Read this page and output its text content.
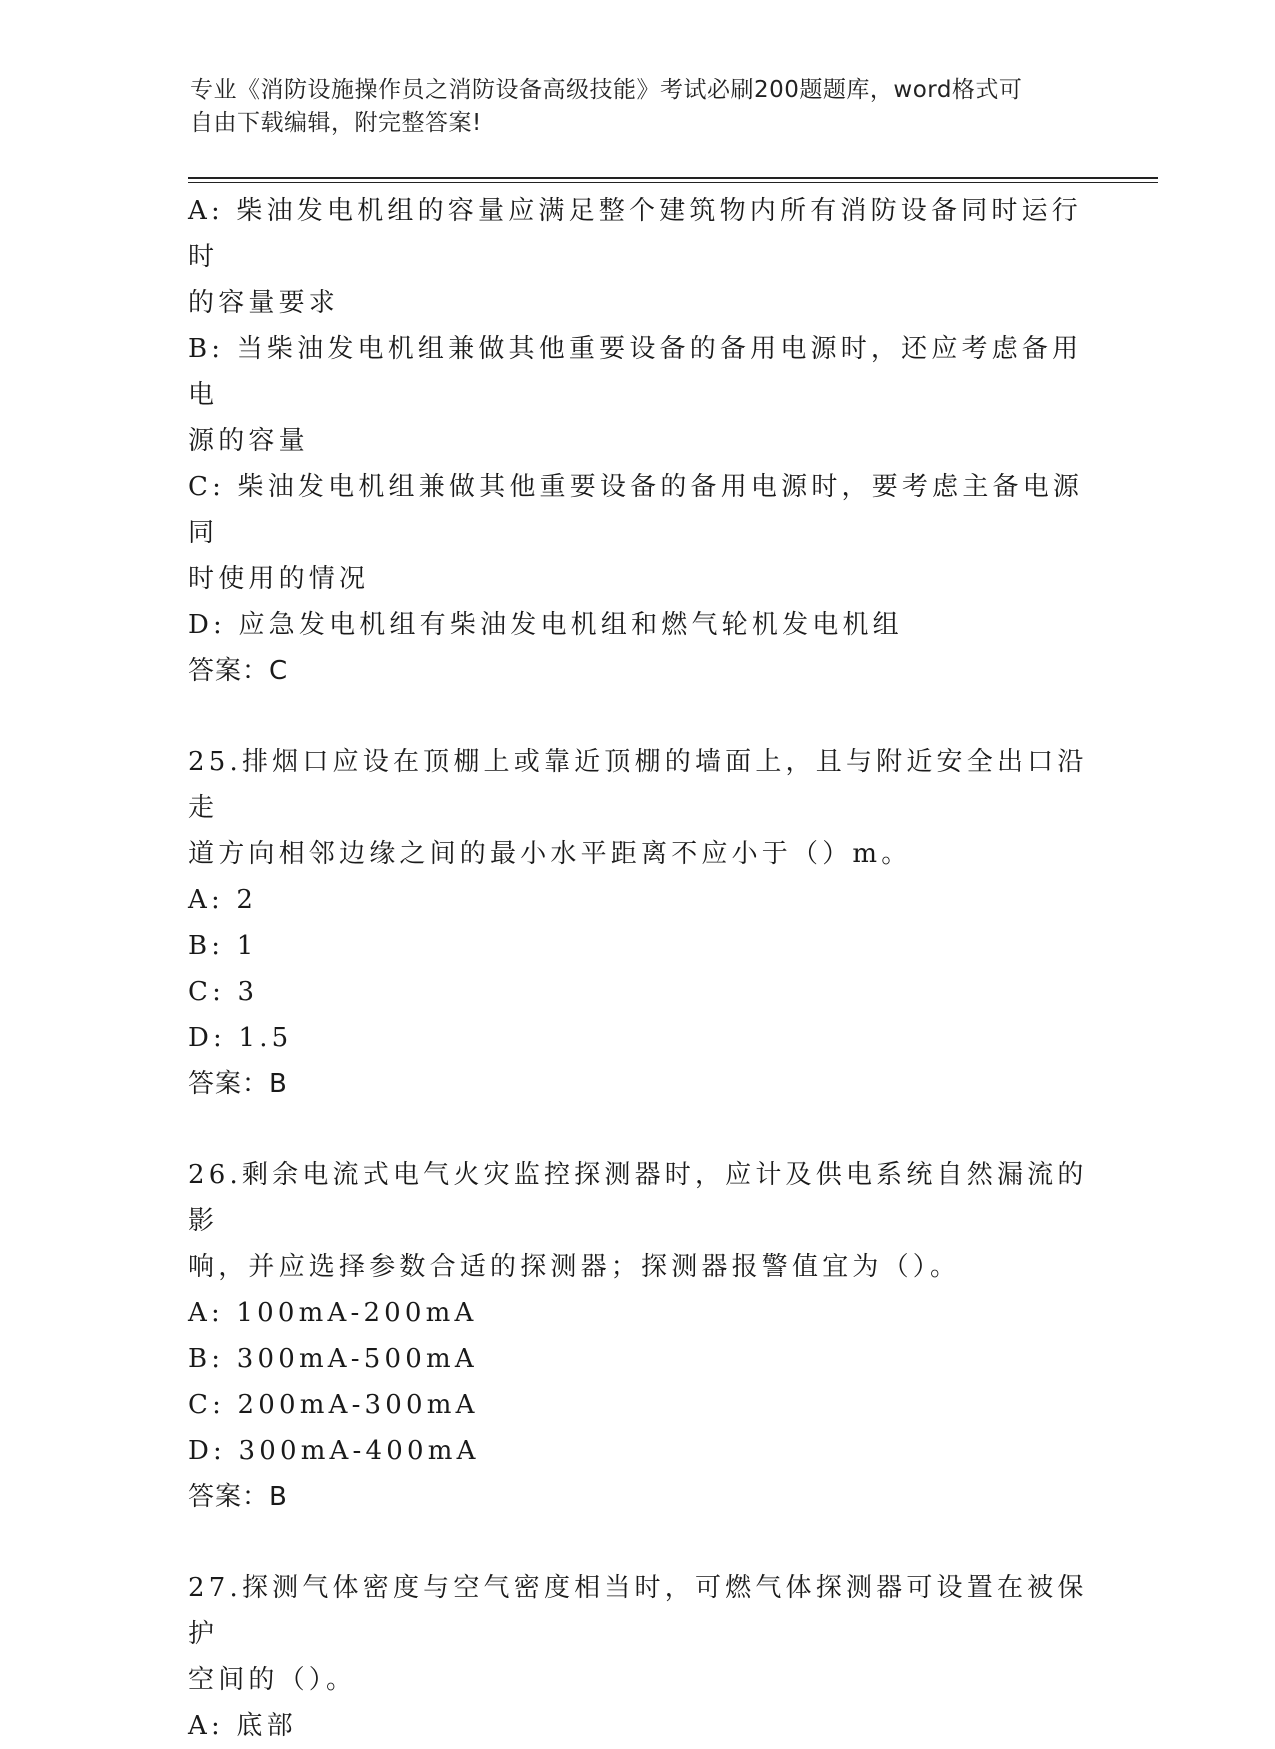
专业《消防设施操作员之消防设备高级技能》考试必刷200题题库，word格式可
自由下载编辑，附完整答案!

A: 柴油发电机组的容量应满足整个建筑物内所有消防设备同时运行时

的容量要求

B: 当柴油发电机组兼做其他重要设备的备用电源时，还应考虑备用电

源的容量

C: 柴油发电机组兼做其他重要设备的备用电源时，要考虑主备电源同

时使用的情况

D: 应急发电机组有柴油发电机组和燃气轮机发电机组

答案：C

25.排烟口应设在顶棚上或靠近顶棚的墙面上，且与附近安全出口沿走

道方向相邻边缘之间的最小水平距离不应小于（）m。

A: 2

B: 1

C: 3

D: 1.5

答案：B

26.剩余电流式电气火灾监控探测器时，应计及供电系统自然漏流的影

响，并应选择参数合适的探测器；探测器报警值宜为（）。

A: 100mA-200mA

B: 300mA-500mA

C: 200mA-300mA

D: 300mA-400mA

答案：B

27.探测气体密度与空气密度相当时，可燃气体探测器可设置在被保护

空间的（）。

A: 底部
